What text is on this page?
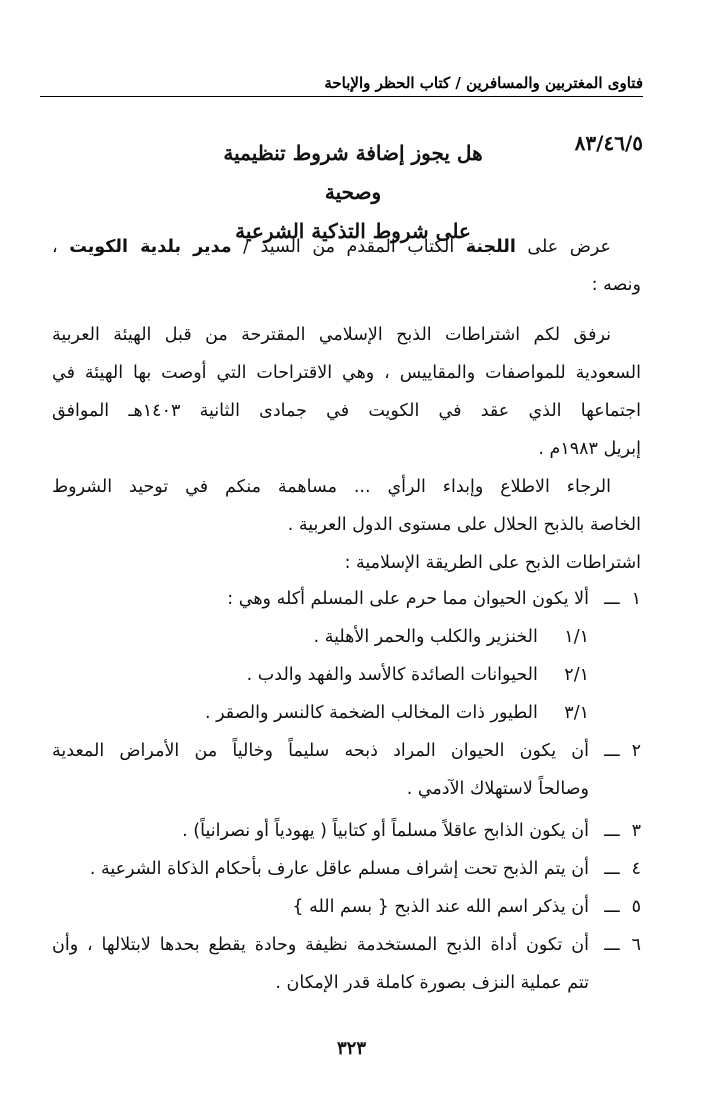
فتاوى المغتربين والمسافرين / كتاب الحظر والإباحة
٨٣/٤٦/٥
هل يجوز إضافة شروط تنظيمية وصحية
على شروط التذكية الشرعية
عرض على اللجنة الكتاب المقدم من السيد / مدير بلدية الكويت ،
ونصه :
نرفق لكم اشتراطات الذبح الإسلامي المقترحة من قبل الهيئة العربية
السعودية للمواصفات والمقاييس ، وهي الاقتراحات التي أوصت بها الهيئة في
اجتماعها الذي عقد في الكويت في جمادى الثانية ١٤٠٣هـ الموافق
إبريل ١٩٨٣م .
الرجاء الاطلاع وإبداء الرأي ... مساهمة منكم في توحيد الشروط
الخاصة بالذبح الحلال على مستوى الدول العربية .
اشتراطات الذبح على الطريقة الإسلامية :
١
ـــ
ألا يكون الحيوان مما حرم على المسلم أكله وهي :
١/١  الخنزير والكلب والحمر الأهلية .
٢/١  الحيوانات الصائدة كالأسد والفهد والدب .
٣/١  الطيور ذات المخالب الضخمة كالنسر والصقر .
٢
ـــ
أن يكون الحيوان المراد ذبحه سليماً وخالياً من الأمراض المعدية
وصالحاً لاستهلاك الآدمي .
٣
ـــ
أن يكون الذابح عاقلاً مسلماً أو كتابياً ( يهودياً أو نصرانياً) .
٤
ـــ
أن يتم الذبح تحت إشراف مسلم عاقل عارف بأحكام الذكاة الشرعية .
٥
ـــ
أن يذكر اسم الله عند الذبح { بسم الله }
٦
ـــ
أن تكون أداة الذبح المستخدمة نظيفة وحادة يقطع بحدها لابتلالها ، وأن
تتم عملية النزف بصورة كاملة قدر الإمكان .
٣٢٣
